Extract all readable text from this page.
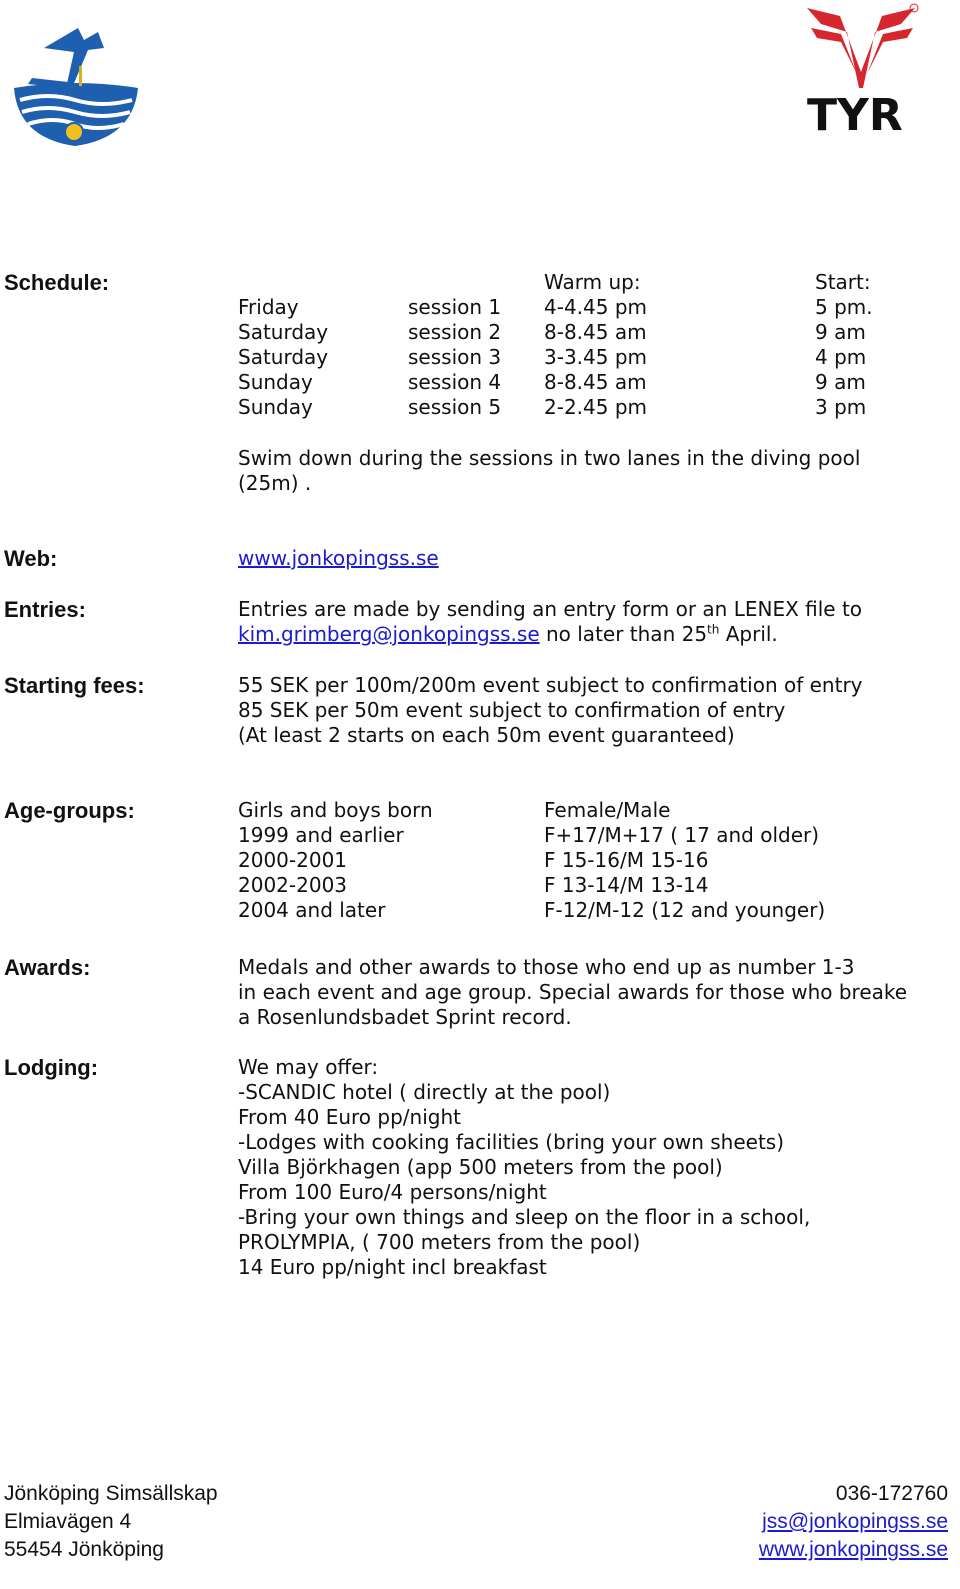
TYR
Schedule:	Warm up:	Start:
Friday	session 1 4-4.45 pm	5 pm.
Saturday	session 2 8-8.45 am	9 am
Saturday	session 3 3-3.45 pm	4 pm
Sunday	session 4 8-8.45 am	9 am
Sunday	session 5 2-2.45 pm	3 pm
Swim down during the sessions in two lanes in the diving pool
(25m) .
Web:	www.jonkopingss.se
Entries:	Entries are made by sending an entry form or an LENEX file to
kim.grimberg@jonkopingss.se no later than 25th April.
Starting fees:	55 SEK per 100m/200m event subject to confirmation of entry
85 SEK per 50m event subject to confirmation of entry
(At least 2 starts on each 50m event guaranteed)
Age-groups:	Girls and boys born	Female/Male
1999 and earlier	F+17/M+17 ( 17 and older)
2000-2001	F 15-16/M 15-16
2002-2003	F 13-14/M 13-14
2004 and later	F-12/M-12 (12 and younger)
Awards:	Medals and other awards to those who end up as number 1-3
in each event and age group. Special awards for those who breake
a Rosenlundsbadet Sprint record.
Lodging:	We may offer:
-SCANDIC hotel ( directly at the pool)
From 40 Euro pp/night
-Lodges with cooking facilities (bring your own sheets)
Villa Björkhagen (app 500 meters from the pool)
From 100 Euro/4 persons/night
-Bring your own things and sleep on the floor in a school,
PROLYMPIA, ( 700 meters from the pool)
14 Euro pp/night incl breakfast
Jönköping Simsällskap
Elmiavägen 4
55454 Jönköping
036-172760
jss@jonkopingss.se
www.jonkopingss.se
